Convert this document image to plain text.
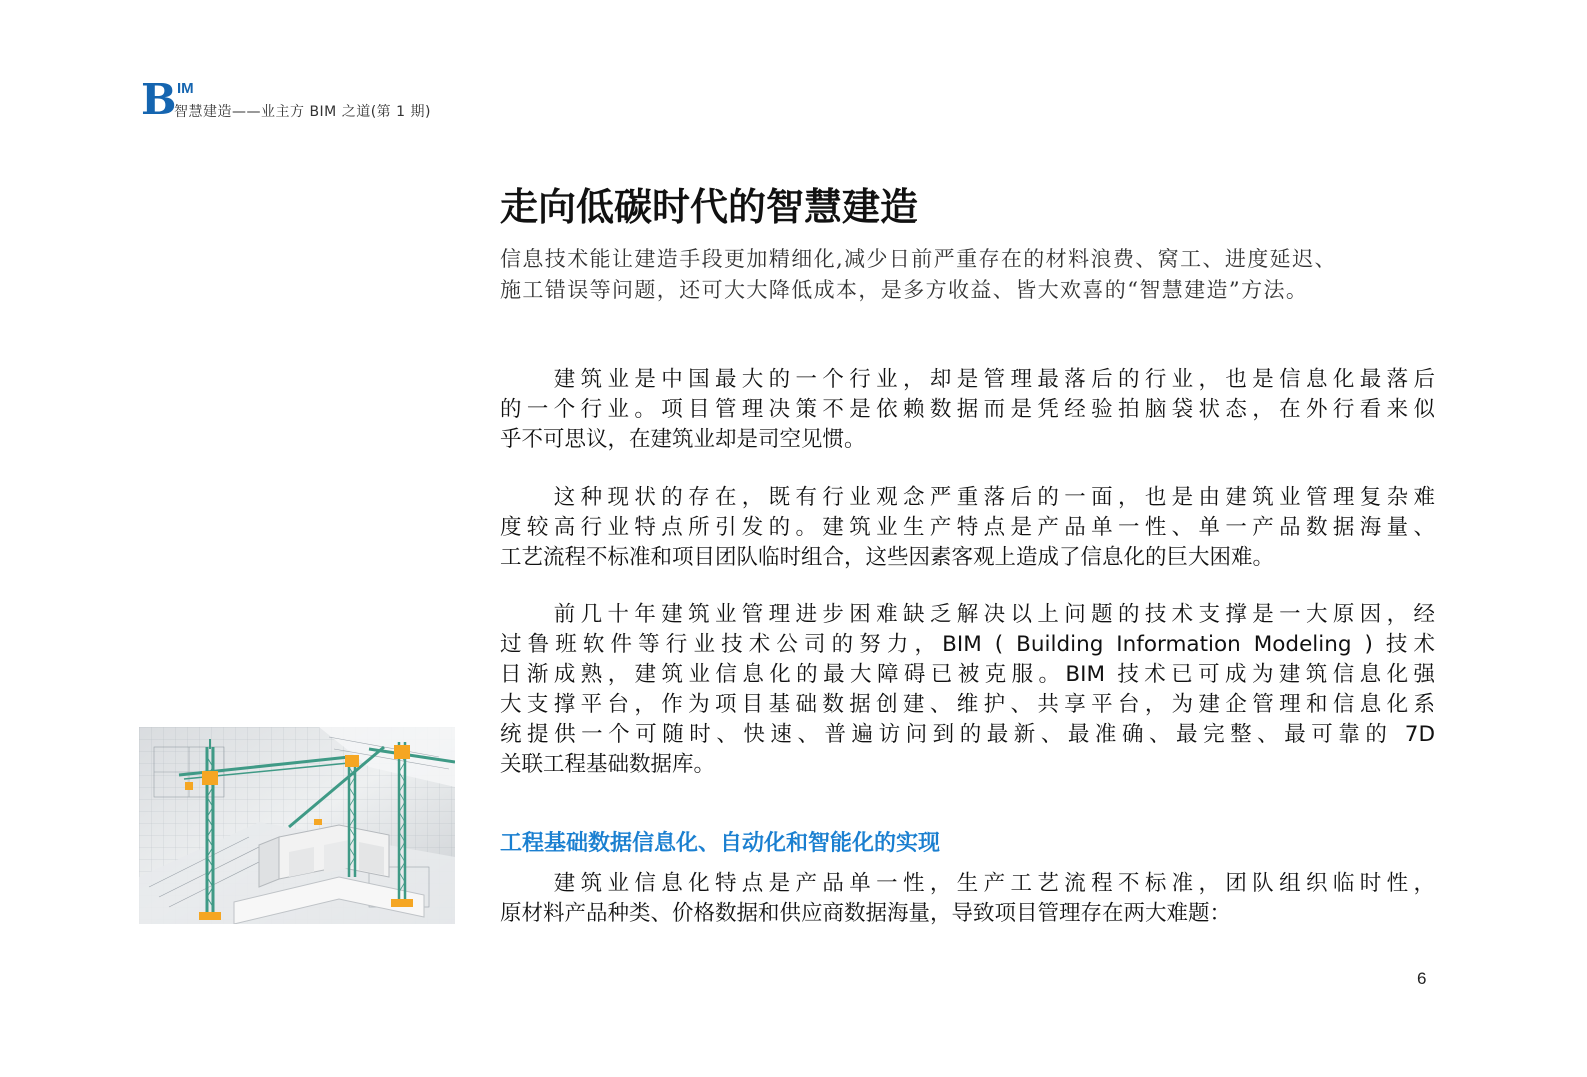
B IM
智慧建造——业主方 BIM 之道(第 1 期)
走向低碳时代的智慧建造
信息技术能让建造手段更加精细化,减少日前严重存在的材料浪费、窝工、进度延迟、
施工错误等问题，还可大大降低成本，是多方收益、皆大欢喜的“智慧建造”方法。
　　建筑业是中国最大的一个行业，却是管理最落后的行业，也是信息化最落后
的一个行业。项目管理决策不是依赖数据而是凭经验拍脑袋状态，在外行看来似
乎不可思议，在建筑业却是司空见惯。
　　这种现状的存在，既有行业观念严重落后的一面，也是由建筑业管理复杂难
度较高行业特点所引发的。建筑业生产特点是产品单一性、单一产品数据海量、
工艺流程不标准和项目团队临时组合，这些因素客观上造成了信息化的巨大困难。
　　前几十年建筑业管理进步困难缺乏解决以上问题的技术支撑是一大原因，经
过鲁班软件等行业技术公司的努力，BIM ( Building Information Modeling ) 技术
日渐成熟，建筑业信息化的最大障碍已被克服。BIM 技术已可成为建筑信息化强
大支撑平台，作为项目基础数据创建、维护、共享平台，为建企管理和信息化系
统提供一个可随时、快速、普遍访问到的最新、最准确、最完整、最可靠的 7D
关联工程基础数据库。
工程基础数据信息化、自动化和智能化的实现
　　建筑业信息化特点是产品单一性，生产工艺流程不标准，团队组织临时性，
原材料产品种类、价格数据和供应商数据海量，导致项目管理存在两大难题：
6
